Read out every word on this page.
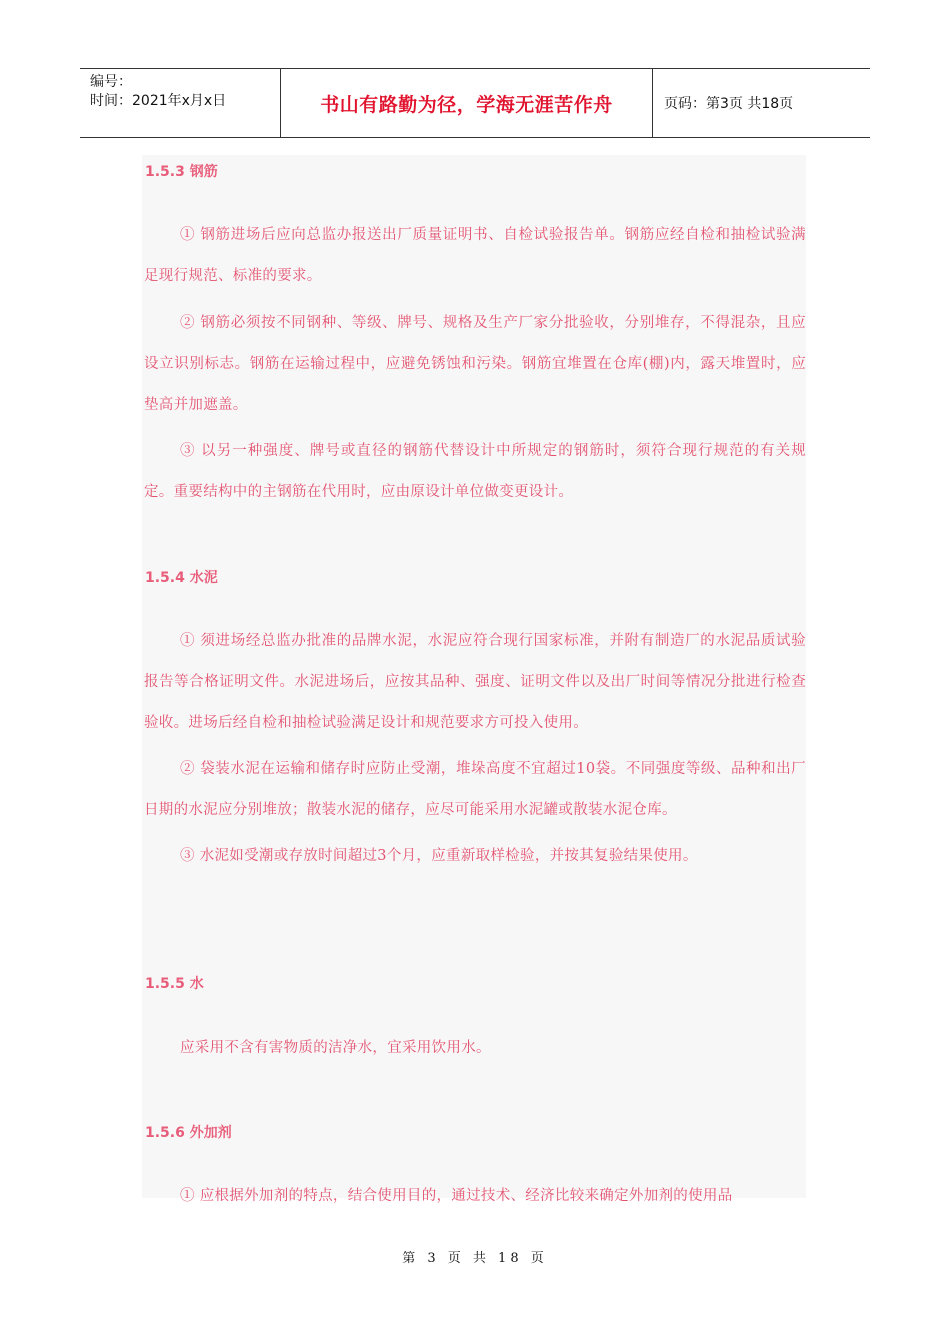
编号：
时间：2021年x月x日	书山有路勤为径，学海无涯苦作舟	页码：第3页 共18页
1.5.3 钢筋

① 钢筋进场后应向总监办报送出厂质量证明书、自检试验报告单。钢筋应经自检和抽检试验满足现行规范、标准的要求。

② 钢筋必须按不同钢种、等级、牌号、规格及生产厂家分批验收，分别堆存，不得混杂，且应设立识别标志。钢筋在运输过程中，应避免锈蚀和污染。钢筋宜堆置在仓库(棚)内，露天堆置时，应垫高并加遮盖。

③ 以另一种强度、牌号或直径的钢筋代替设计中所规定的钢筋时，须符合现行规范的有关规定。重要结构中的主钢筋在代用时，应由原设计单位做变更设计。

1.5.4 水泥

① 须进场经总监办批准的品牌水泥，水泥应符合现行国家标准，并附有制造厂的水泥品质试验报告等合格证明文件。水泥进场后，应按其品种、强度、证明文件以及出厂时间等情况分批进行检查验收。进场后经自检和抽检试验满足设计和规范要求方可投入使用。

② 袋装水泥在运输和储存时应防止受潮，堆垛高度不宜超过10袋。不同强度等级、品种和出厂日期的水泥应分别堆放；散装水泥的储存，应尽可能采用水泥罐或散装水泥仓库。

③ 水泥如受潮或存放时间超过3个月，应重新取样检验，并按其复验结果使用。

1.5.5 水

应采用不含有害物质的洁净水，宜采用饮用水。

1.5.6 外加剂

① 应根据外加剂的特点，结合使用目的，通过技术、经济比较来确定外加剂的使用品

第 3 页 共 18 页
